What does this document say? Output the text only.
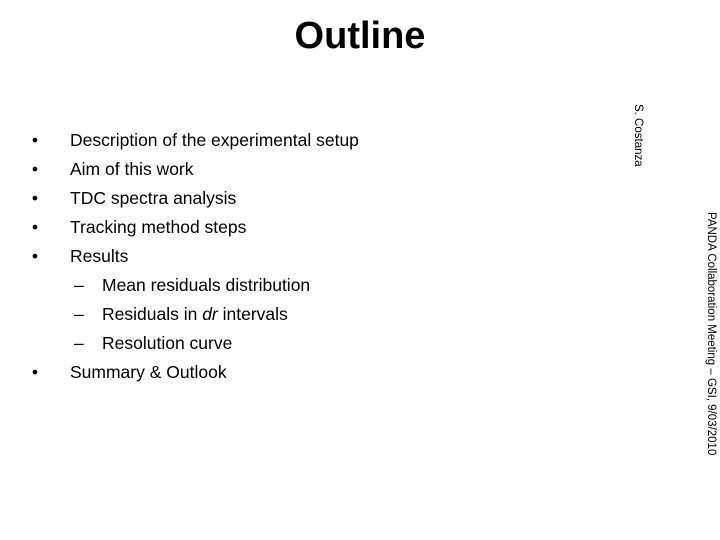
Outline
• Description of the experimental setup
• Aim of this work
• TDC spectra analysis
• Tracking method steps
• Results
– Mean residuals distribution
– Residuals in dr intervals
– Resolution curve
• Summary & Outlook
S. Costanza
PANDA Collaboration Meeting – GSI, 9/03/2010
